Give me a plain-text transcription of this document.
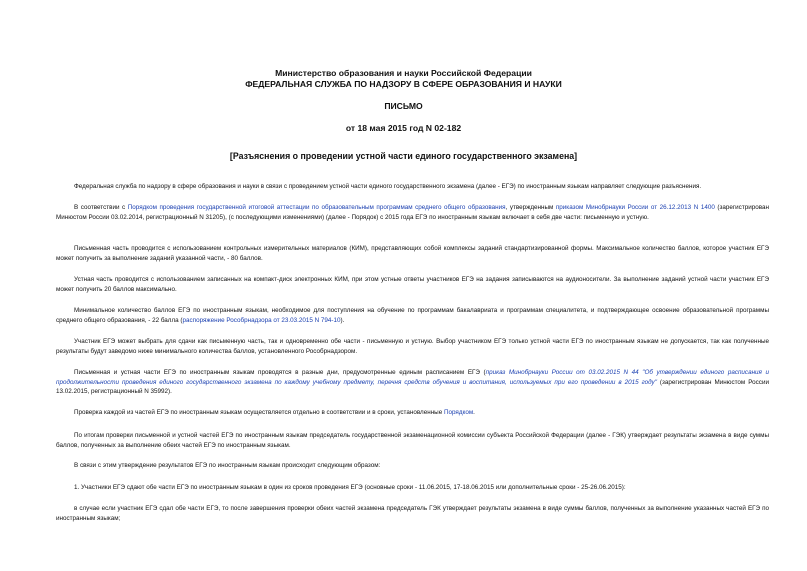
Министерство образования и науки Российской Федерации
ФЕДЕРАЛЬНАЯ СЛУЖБА ПО НАДЗОРУ В СФЕРЕ ОБРАЗОВАНИЯ И НАУКИ
ПИСЬМО
от 18 мая 2015 год N 02-182
[Разъяснения о проведении устной части единого государственного экзамена]
Федеральная служба по надзору в сфере образования и науки в связи с проведением устной части единого государственного экзамена (далее - ЕГЭ) по иностранным языкам направляет следующие разъяснения.
В соответствии с Порядком проведения государственной итоговой аттестации по образовательным программам среднего общего образования, утвержденным приказом Минобрнауки России от 26.12.2013 N 1400 (зарегистрирован Минюстом России 03.02.2014, регистрационный N 31205), (с последующими изменениями) (далее - Порядок) с 2015 года ЕГЭ по иностранным языкам включает в себя две части: письменную и устную.
Письменная часть проводится с использованием контрольных измерительных материалов (КИМ), представляющих собой комплексы заданий стандартизированной формы. Максимальное количество баллов, которое участник ЕГЭ может получить за выполнение заданий указанной части, - 80 баллов.
Устная часть проводится с использованием записанных на компакт-диск электронных КИМ, при этом устные ответы участников ЕГЭ на задания записываются на аудионосители. За выполнение заданий устной части участник ЕГЭ может получить 20 баллов максимально.
Минимальное количество баллов ЕГЭ по иностранным языкам, необходимое для поступления на обучение по программам бакалавриата и программам специалитета, и подтверждающее освоение образовательной программы среднего общего образования, - 22 балла (распоряжение Рособрнадзора от 23.03.2015 N 794-10).
Участник ЕГЭ может выбрать для сдачи как письменную часть, так и одновременно обе части - письменную и устную. Выбор участником ЕГЭ только устной части ЕГЭ по иностранным языкам не допускается, так как полученные результаты будут заведомо ниже минимального количества баллов, установленного Рособрнадзором.
Письменная и устная части ЕГЭ по иностранным языкам проводятся в разные дни, предусмотренные единым расписанием ЕГЭ (приказ Минобрнауки России от 03.02.2015 N 44 "Об утверждении единого расписания и продолжительности проведения единого государственного экзамена по каждому учебному предмету, перечня средств обучения и воспитания, используемых при его проведении в 2015 году" (зарегистрирован Минюстом России 13.02.2015, регистрационный N 35992).
Проверка каждой из частей ЕГЭ по иностранным языкам осуществляется отдельно в соответствии и в сроки, установленные Порядком.
По итогам проверки письменной и устной частей ЕГЭ по иностранным языкам председатель государственной экзаменационной комиссии субъекта Российской Федерации (далее - ГЭК) утверждает результаты экзамена в виде суммы баллов, полученных за выполнение обеих частей ЕГЭ по иностранным языкам.
В связи с этим утверждение результатов ЕГЭ по иностранным языкам происходит следующим образом:
1. Участники ЕГЭ сдают обе части ЕГЭ по иностранным языкам в один из сроков проведения ЕГЭ (основные сроки - 11.06.2015, 17-18.06.2015 или дополнительные сроки - 25-26.06.2015):
в случае если участник ЕГЭ сдал обе части ЕГЭ, то после завершения проверки обеих частей экзамена председатель ГЭК утверждает результаты экзамена в виде суммы баллов, полученных за выполнение указанных частей ЕГЭ по иностранным языкам;
